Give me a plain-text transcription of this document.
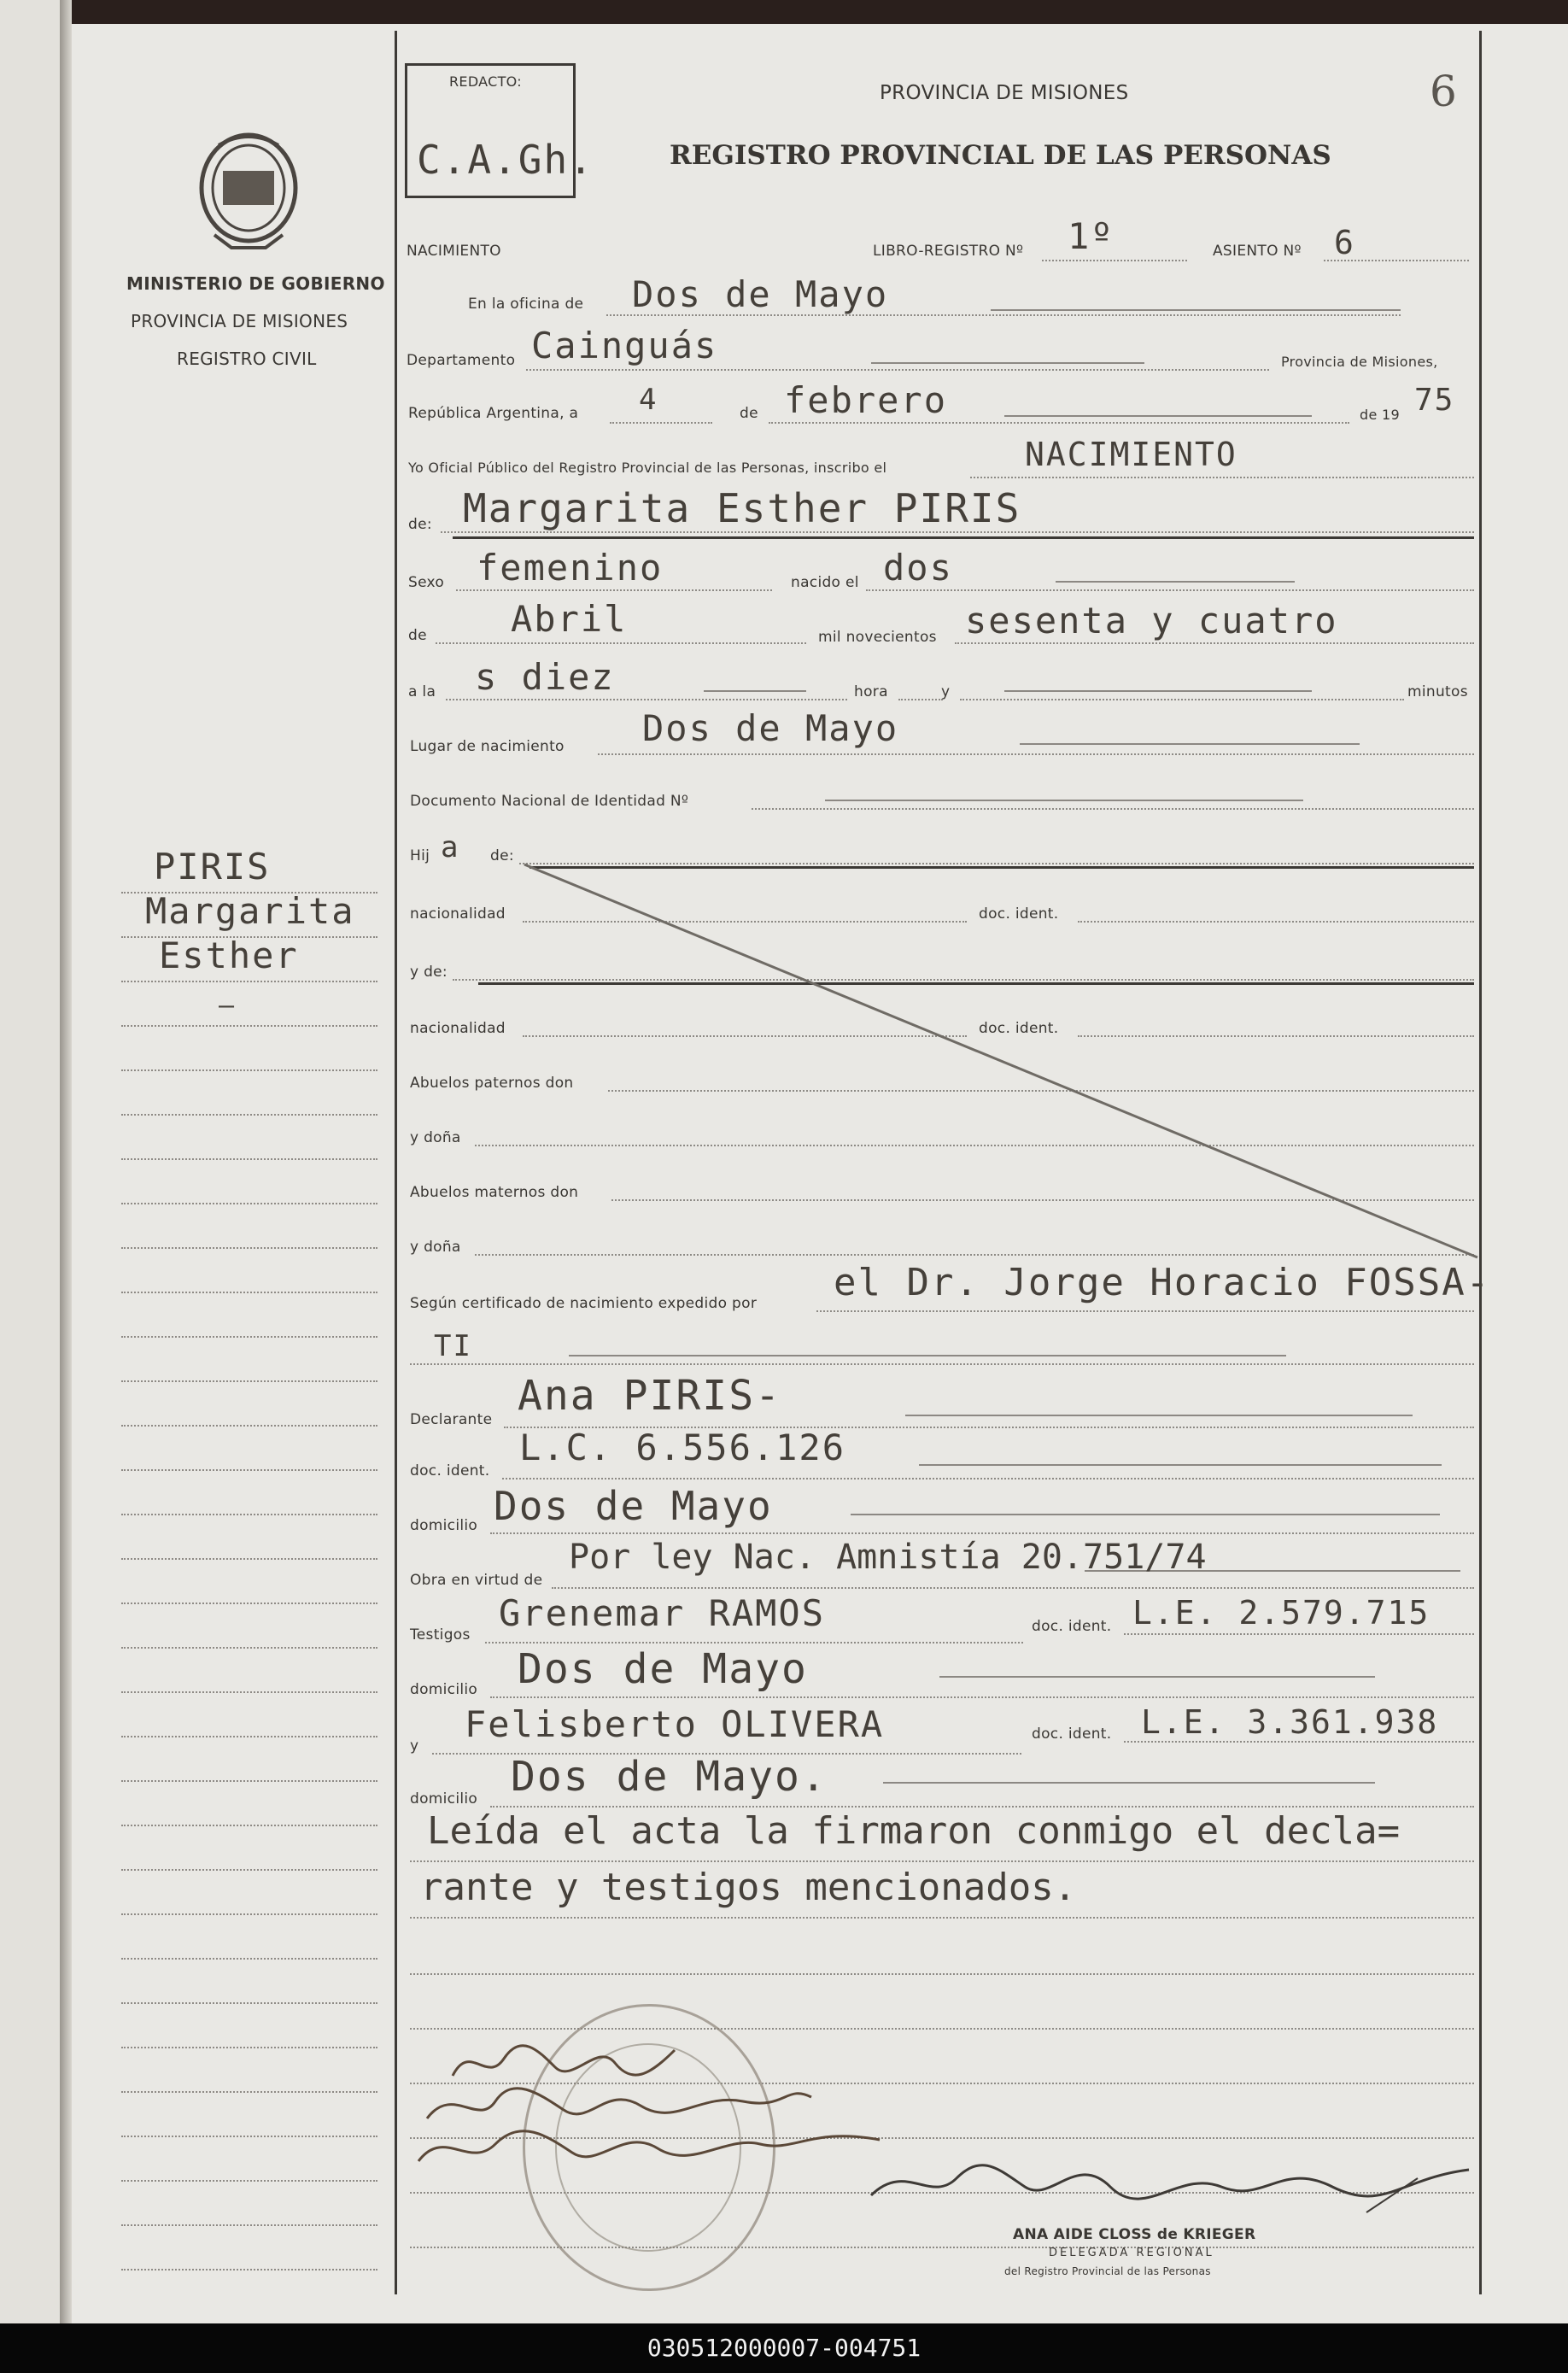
6
REDACTO:
C.A.Gh.
PROVINCIA DE MISIONES
REGISTRO PROVINCIAL DE LAS PERSONAS
NACIMIENTO	LIBRO-REGISTRO Nº 1º	ASIENTO Nº 6
MINISTERIO DE GOBIERNO
PROVINCIA DE MISIONES
REGISTRO CIVIL
PIRIS
Margarita
Esther
—
En la oficina de Dos de Mayo
Departamento Cainguás	Provincia de Misiones,
República Argentina, a 4	de febrero	de 19 75
Yo Oficial Público del Registro Provincial de las Personas, inscribo el	NACIMIENTO
de: Margarita Esther PIRIS
Sexo femenino	nacido el dos
de Abril	mil novecientos sesenta y cuatro
a la s diez	hora	y	minutos
Lugar de nacimiento Dos de Mayo
Documento Nacional de Identidad Nº
Hij a de:
nacionalidad	doc. ident.
y de:
nacionalidad	doc. ident.
Abuelos paternos don
y doña
Abuelos maternos don
y doña
Según certificado de nacimiento expedido por el Dr. Jorge Horacio FOSSA-
TI
Declarante Ana PIRIS-
doc. ident.
L.C. 6.556.126
domicilio Dos de Mayo
Obra en virtud de
Por ley Nac. Amnistía 20.751/74
Testigos
Grenemar RAMOS	doc. ident. L.E. 2.579.715
domicilio Dos de Mayo
y
Felisberto OLIVERA	doc. ident. L.E. 3.361.938
domicilio Dos de Mayo.
Leída el acta la firmaron conmigo el decla=
rante y testigos mencionados.
ANA AIDE CLOSS de KRIEGER
DELEGADA REGIONAL
del Registro Provincial de las Personas
030512000007-004751
